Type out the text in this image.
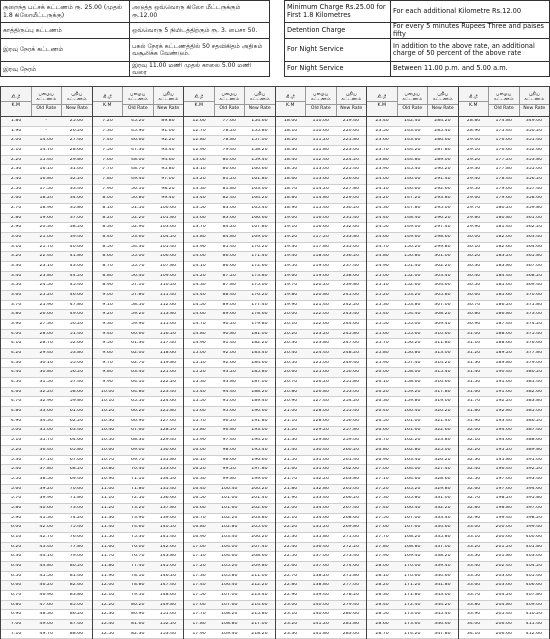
குறைந்த பட்சக் கட்டணம் ரூ. 25.00 (முதல் 1.8 கிலோமீட்டருக்கு)	அடுத்த ஒவ்வொரு கிலோ மீட்டருக்கும் ரூ.12.00
காத்திருப்பு கட்டணம்	ஒவ்வொரு 5 நிமிடத்திற்கும் ரூ. 3. பைசா 50.
இரவு நேரக் கட்டணம்	பகல் நேரக் கட்டணத்தில் 50 சதவிகிதம் அதிகம் வசூலிக்க வேண்டும்.
இரவு நேரம்	இரவு 11.00 மணி முதல் காலை 5.00 மணி வரை
Minimum Charge Rs.25.00 for First 1.8 Kilometres	For each additional Kilometre Rs.12.00
Detention Charge	For every 5 minutes Rupees Three and paises fifty
For Night Service	In addition to the above rate, an additional charge of 50 percent of the above rate
For Night Service	Between 11.00 p.m. and 5.00 a.m.
கி.மீ
K.M
பழைய கட்டணம்
Old Rate
புதிய கட்டணம்
New Rate
1.80	-	25.00
1.90	-	26.20
2.00	14.00	27.40
2.10	14.70	28.60
2.20	15.40	29.80
2.30	16.10	31.00
2.40	16.80	32.20
2.50	17.50	33.40
2.60	18.20	34.60
2.70	18.90	35.80
2.80	19.60	37.00
2.90	20.30	38.20
3.00	21.00	39.40
3.10	21.70	40.60
3.20	22.40	41.80
3.30	23.10	43.00
3.40	23.80	44.20
3.50	24.50	45.40
3.60	25.20	46.60
3.70	25.90	47.80
3.80	26.60	49.00
3.90	27.30	50.20
4.00	28.00	51.40
4.10	28.70	52.60
4.20	29.40	53.80
4.30	30.10	55.00
4.40	30.80	56.20
4.50	31.50	57.40
4.60	32.20	58.60
4.70	32.90	59.80
4.80	33.60	61.00
4.90	34.30	62.20
5.00	35.00	63.40
5.10	35.70	64.60
5.20	36.40	65.80
5.30	37.10	67.00
5.40	37.80	68.20
5.50	38.50	69.40
5.60	39.20	70.60
5.70	39.90	71.80
5.80	40.60	73.00
5.90	41.30	74.20
6.00	42.00	75.40
6.10	42.70	76.60
6.20	43.40	77.80
6.30	44.10	79.00
6.40	44.80	80.20
6.50	45.50	81.40
6.60	46.20	82.60
6.70	46.90	83.80
6.80	47.60	85.00
6.90	48.30	86.20
7.00	49.00	87.40
7.10	49.70	88.60
கி.மீ
K.M
பழைய கட்டணம்
Old Rate
புதிய கட்டணம்
New Rate
7.20	45.20	89.80
7.30	45.90	91.00
7.40	46.60	92.20
7.50	47.30	93.40
7.60	48.00	94.60
7.70	48.70	95.80
7.80	49.40	97.00
7.90	50.10	98.20
8.00	50.80	99.40
8.10	51.50	100.60
8.20	52.20	101.80
8.30	52.90	103.00
8.40	53.60	104.20
8.50	54.30	105.40
8.60	55.00	106.60
8.70	55.70	107.80
8.80	56.40	109.00
8.90	57.10	110.20
9.00	57.80	111.40
9.10	58.50	112.60
9.20	59.20	113.80
9.30	59.90	115.00
9.40	60.60	116.20
9.50	61.30	117.40
9.60	62.00	118.60
9.70	62.70	119.80
9.80	63.40	121.00
9.90	64.10	122.20
10.00	64.80	123.40
10.10	65.50	124.60
10.20	66.20	125.80
10.30	66.90	127.00
10.40	67.60	128.20
10.50	68.30	129.40
10.60	69.00	130.60
10.70	69.70	131.80
10.80	70.40	133.00
10.90	71.10	134.20
11.00	71.80	135.40
11.10	72.50	136.60
11.20	73.20	137.80
11.30	73.90	139.00
11.40	74.60	140.20
11.50	75.30	141.40
11.60	76.00	142.60
11.70	76.70	143.80
11.80	77.40	145.00
11.90	78.10	146.20
12.00	78.80	147.40
12.10	79.50	148.60
12.20	80.20	149.80
12.30	80.90	151.00
12.40	81.60	152.20
12.50	82.30	153.40
கி.மீ
K.M
பழைய கட்டணம்
Old Rate
புதிய கட்டணம்
New Rate
12.60	77.60	154.60
12.70	78.20	155.80
12.80	78.80	157.00
12.90	79.40	158.20
13.00	80.00	159.40
13.10	80.60	160.60
13.20	81.20	161.80
13.30	81.80	163.00
13.40	82.40	164.20
13.50	83.00	165.40
13.60	83.60	166.60
13.70	84.20	167.80
13.80	84.80	169.00
13.90	85.40	170.20
14.00	86.00	171.40
14.10	86.60	172.60
14.20	87.20	173.80
14.30	87.80	175.00
14.40	88.40	176.20
14.50	89.00	177.40
14.60	89.60	178.60
14.70	90.20	179.80
14.80	90.80	181.00
14.90	91.40	182.20
15.00	92.00	183.40
15.10	92.60	184.60
15.20	93.20	185.80
15.30	93.80	187.00
15.40	94.40	188.20
15.50	95.00	189.40
15.60	95.60	190.60
15.70	96.20	191.80
15.80	96.80	193.00
15.90	97.40	194.20
16.00	98.00	195.40
16.10	98.60	196.60
16.20	99.20	197.80
16.30	99.80	199.00
16.40	100.40	200.20
16.50	101.00	201.40
16.60	101.60	202.60
16.70	102.20	203.80
16.80	102.80	205.00
16.90	103.40	206.20
17.00	104.00	207.40
17.10	104.60	208.60
17.20	105.20	209.80
17.30	105.80	211.00
17.40	106.40	212.20
17.50	107.00	213.40
17.60	107.60	214.60
17.70	108.20	215.80
17.80	108.80	217.00
17.90	109.40	218.20
கி.மீ
K.M
பழைய கட்டணம்
Old Rate
புதிய கட்டணம்
New Rate
18.00	110.00	219.40
18.10	110.60	220.60
18.20	111.20	221.80
18.30	111.80	223.00
18.40	112.40	224.20
18.50	113.00	225.40
18.60	113.60	226.60
18.70	114.20	227.80
18.80	114.80	229.00
18.90	115.40	230.20
19.00	116.00	231.40
19.10	116.60	232.60
19.20	117.20	233.80
19.30	117.80	235.00
19.40	118.40	236.20
19.50	119.00	237.40
19.60	119.60	238.60
19.70	120.20	239.80
19.80	120.80	241.00
19.90	121.40	242.20
20.00	122.00	243.40
20.10	122.60	244.60
20.20	123.20	245.80
20.30	123.80	247.00
20.40	124.40	248.20
20.50	125.00	249.40
20.60	125.60	250.60
20.70	126.20	251.80
20.80	126.80	253.00
20.90	127.40	254.20
21.00	128.00	255.40
21.10	128.60	256.60
21.20	129.20	257.80
21.30	129.80	259.00
21.40	130.40	260.20
21.50	131.00	261.40
21.60	131.60	262.60
21.70	132.20	263.80
21.80	132.80	265.00
21.90	133.40	266.20
22.00	134.00	267.40
22.10	134.60	268.60
22.20	135.20	269.80
22.30	135.80	271.00
22.40	136.40	272.20
22.50	137.00	273.40
22.60	137.60	274.60
22.70	138.20	275.80
22.80	138.80	277.00
22.90	139.40	278.20
23.00	140.00	279.40
23.10	140.60	280.60
23.20	141.20	281.80
23.30	141.80	283.00
கி.மீ
K.M
பழைய கட்டணம்
Old Rate
புதிய கட்டணம்
New Rate
23.40	142.40	284.20
23.50	143.00	285.40
23.60	143.60	286.60
23.70	144.20	287.80
23.80	144.80	289.00
23.90	145.40	290.20
24.00	146.00	291.40
24.10	146.60	292.60
24.20	147.20	293.80
24.30	147.80	295.00
24.40	148.40	296.20
24.50	149.00	297.40
24.60	149.60	298.60
24.70	150.20	299.80
24.80	150.80	301.00
24.90	151.40	302.20
25.00	152.00	303.40
25.10	152.60	304.60
25.20	153.20	305.80
25.30	153.80	307.00
25.40	154.40	308.20
25.50	155.00	309.40
25.60	155.60	310.60
25.70	156.20	311.80
25.80	156.80	313.00
25.90	157.40	314.20
26.00	158.00	315.40
26.10	158.60	316.60
26.20	159.20	317.80
26.30	159.80	319.00
26.40	160.40	320.20
26.50	161.00	321.40
26.60	161.60	322.60
26.70	162.20	323.80
26.80	162.80	325.00
26.90	163.40	326.20
27.00	164.00	327.40
27.10	164.60	328.60
27.20	165.20	329.80
27.30	165.80	331.00
27.40	166.40	332.20
27.50	167.00	333.40
27.60	167.60	334.60
27.70	168.20	335.80
27.80	168.80	337.00
27.90	169.40	338.20
28.00	170.00	339.40
28.10	170.60	340.60
28.20	171.20	341.80
28.30	171.80	343.00
28.40	172.40	344.20
28.50	173.00	345.40
28.60	173.60	346.60
28.70	174.20	347.80
கி.மீ
K.M
பழைய கட்டணம்
Old Rate
புதிய கட்டணம்
New Rate
28.80	174.80	349.00
28.90	175.40	350.20
29.00	176.00	351.40
29.10	176.60	352.60
29.20	177.20	353.80
29.30	177.80	355.00
29.40	178.40	356.20
29.50	179.00	357.40
29.60	179.60	358.60
29.70	180.20	359.80
29.80	180.80	361.00
29.90	181.40	362.20
30.00	182.00	363.40
30.10	182.60	364.60
30.20	183.20	365.80
30.30	183.80	367.00
30.40	184.40	368.20
30.50	185.00	369.40
30.60	185.60	370.60
30.70	186.20	371.80
30.80	186.80	373.00
30.90	187.40	374.20
31.00	188.00	375.40
31.10	188.60	376.60
31.20	189.20	377.80
31.30	189.80	379.00
31.40	190.40	380.20
31.50	191.00	381.40
31.60	191.60	382.60
31.70	192.20	383.80
31.80	192.80	385.00
31.90	193.40	386.20
32.00	194.00	387.40
32.10	194.60	388.60
32.20	195.20	389.80
32.30	195.80	391.00
32.40	196.40	392.20
32.50	197.00	393.40
32.60	197.60	394.60
32.70	198.20	395.80
32.80	198.80	397.00
32.90	199.40	398.20
33.00	200.00	399.40
33.10	200.60	400.60
33.20	201.20	401.80
33.30	201.80	403.00
33.40	202.40	404.20
33.50	203.00	405.40
33.60	203.60	406.60
33.70	204.20	407.80
33.80	204.80	409.00
33.90	205.40	410.20
34.00	206.00	411.40
34.10	206.60	412.60
